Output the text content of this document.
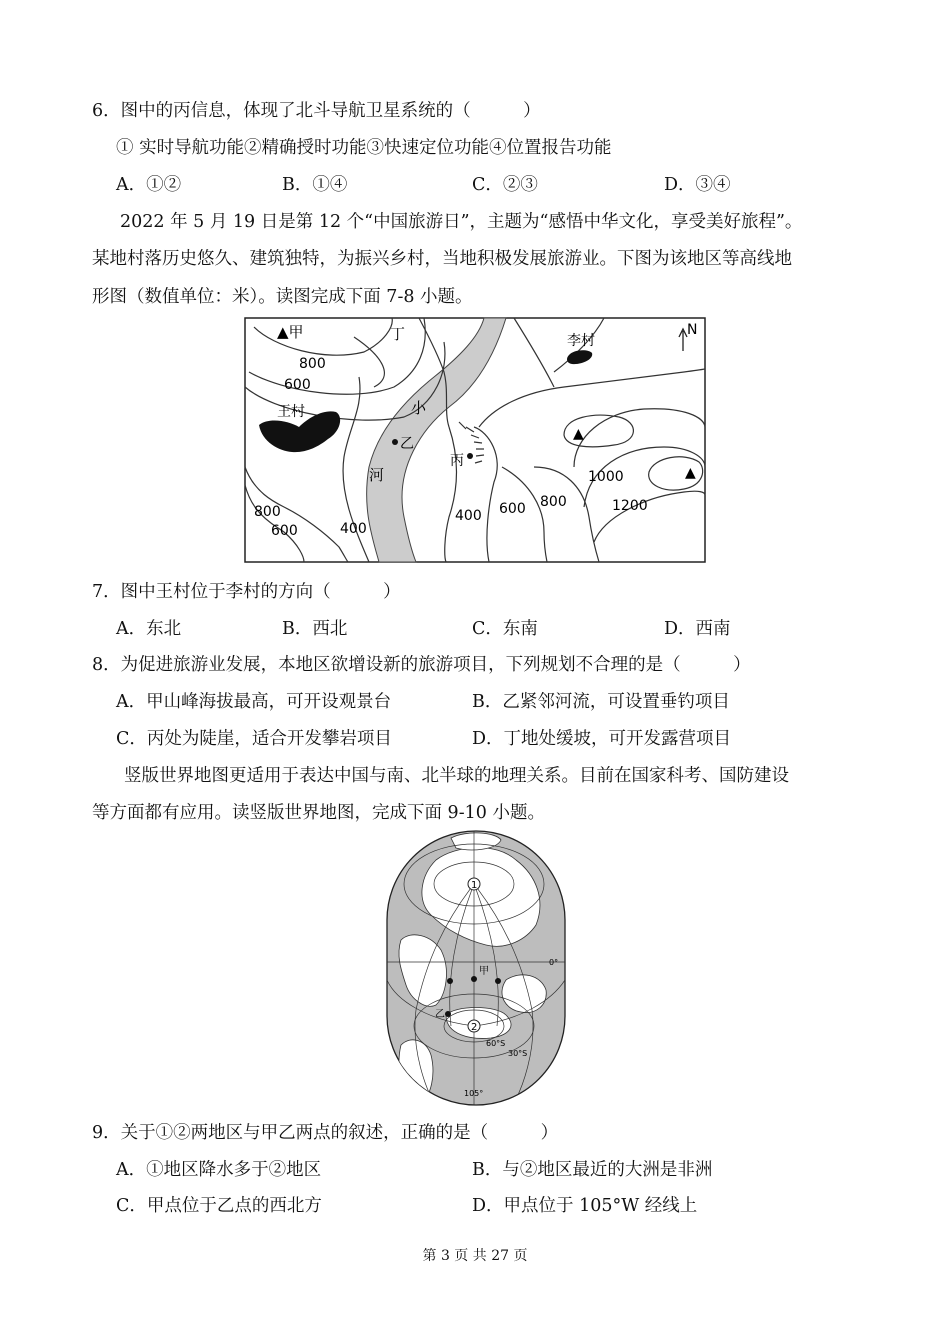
6．图中的丙信息，体现了北斗导航卫星系统的（　　　）
① 实时导航功能②精确授时功能③快速定位功能④位置报告功能
A．①②	B．①④	C．②③	D．③④
2022 年 5 月 19 日是第 12 个“中国旅游日”，主题为“感悟中华文化，享受美好旅程”。
某地村落历史悠久、建筑独特，为振兴乡村，当地积极发展旅游业。下图为该地区等高线地
形图（数值单位：米）。读图完成下面 7-8 小题。
▲
▲
▲甲	丁	李村
N
王村	小
河
乙
丙
800
600
800
600	400
400 600 800
1000
1200
7．图中王村位于李村的方向（　　　）
A．东北	B．西北	C．东南	D．西南
8．为促进旅游业发展，本地区欲增设新的旅游项目，下列规划不合理的是（　　　）
A．甲山峰海拔最高，可开设观景台	B．乙紧邻河流，可设置垂钓项目
C．丙处为陡崖，适合开发攀岩项目	D．丁地处缓坡，可开发露营项目
竖版世界地图更适用于表达中国与南、北半球的地理关系。目前在国家科考、国防建设
等方面都有应用。读竖版世界地图，完成下面 9-10 小题。
1
2
甲
乙
0°
60°S
30°S
105°
9．关于①②两地区与甲乙两点的叙述，正确的是（　　　）
A．①地区降水多于②地区	B．与②地区最近的大洲是非洲
C．甲点位于乙点的西北方	D．甲点位于 105°W 经线上
第 3 页 共 27 页
